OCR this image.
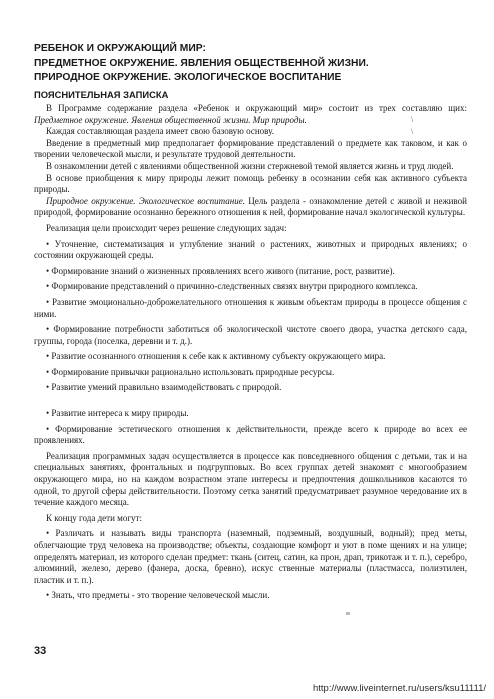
РЕБЕНОК И ОКРУЖАЮЩИЙ МИР:
ПРЕДМЕТНОЕ ОКРУЖЕНИЕ. ЯВЛЕНИЯ ОБЩЕСТВЕННОЙ ЖИЗНИ.
ПРИРОДНОЕ ОКРУЖЕНИЕ. ЭКОЛОГИЧЕСКОЕ ВОСПИТАНИЕ
ПОЯСНИТЕЛЬНАЯ ЗАПИСКА

В Программе содержание раздела «Ребенок и окружающий мир» состоит из трех составляю щих: Предметное окружение. Явления общественной жизни. Мир природы.

Каждая составляющая раздела имеет свою базовую основу.

Введение в предметный мир предполагает формирование представлений о предмете как таковом, и как о творении человеческой мысли, и результате трудовой деятельности.

В ознакомлении детей с явлениями общественной жизни стержневой темой является жизнь и труд людей.

В основе приобщения к миру природы лежит помощь ребенку в осознании себя как активного субъекта природы.

Природное окружение. Экологическое воспитание. Цель раздела - ознакомление детей с живой и неживой природой, формирование осознанно бережного отношения к ней, формирование начал экологической культуры.

Реализация цели происходит через решение следующих задач:

• Уточнение, систематизация и углубление знаний о растениях, животных и природных явлениях; о состоянии окружающей среды.

• Формирование знаний о жизненных проявлениях всего живого (питание, рост, развитие).

• Формирование представлений о причинно-следственных связях внутри природного комплекса.

• Развитие эмоционально-доброжелательного отношения к живым объектам природы в процессе общения с ними.

• Формирование потребности заботиться об экологической чистоте своего двора, участка детского сада, группы, города (поселка, деревни и т. д.).

• Развитие осознанного отношения к себе как к активному субъекту окружающего мира.

• Формирование привычки рационально использовать природные ресурсы.

• Развитие умений правильно взаимодействовать с природой.

• Развитие интереса к миру природы.

• Формирование эстетического отношения к действительности, прежде всего к природе во всех ее проявлениях.

Реализация программных задач осуществляется в процессе как повседневного общения с детьми, так и на специальных занятиях, фронтальных и подгрупповых. Во всех группах детей знакомят с многообразием окружающего мира, но на каждом возрастном этапе интересы и предпочтения дошкольников касаются то одной, то другой сферы действительности. Поэтому сетка занятий предусматривает разумное чередование их в течение каждого месяца.

К концу года дети могут:

• Различать и называть виды транспорта (наземный, подземный, воздушный, водный); пред меты, облегчающие труд человека на производстве; объекты, создающие комфорт и уют в поме щениях и на улице; определять материал, из которого сделан предмет: ткань (ситец, сатин, ка прон, драп, трикотаж и т. п.), серебро, алюминий, железо, дерево (фанера, доска, бревно), искус ственные материалы (пластмасса, полиэтилен, пластик и т. п.).

• Знать, что предметы - это творение человеческой мысли.

\
\
м
33
http://www.liveinternet.ru/users/ksu11111/
